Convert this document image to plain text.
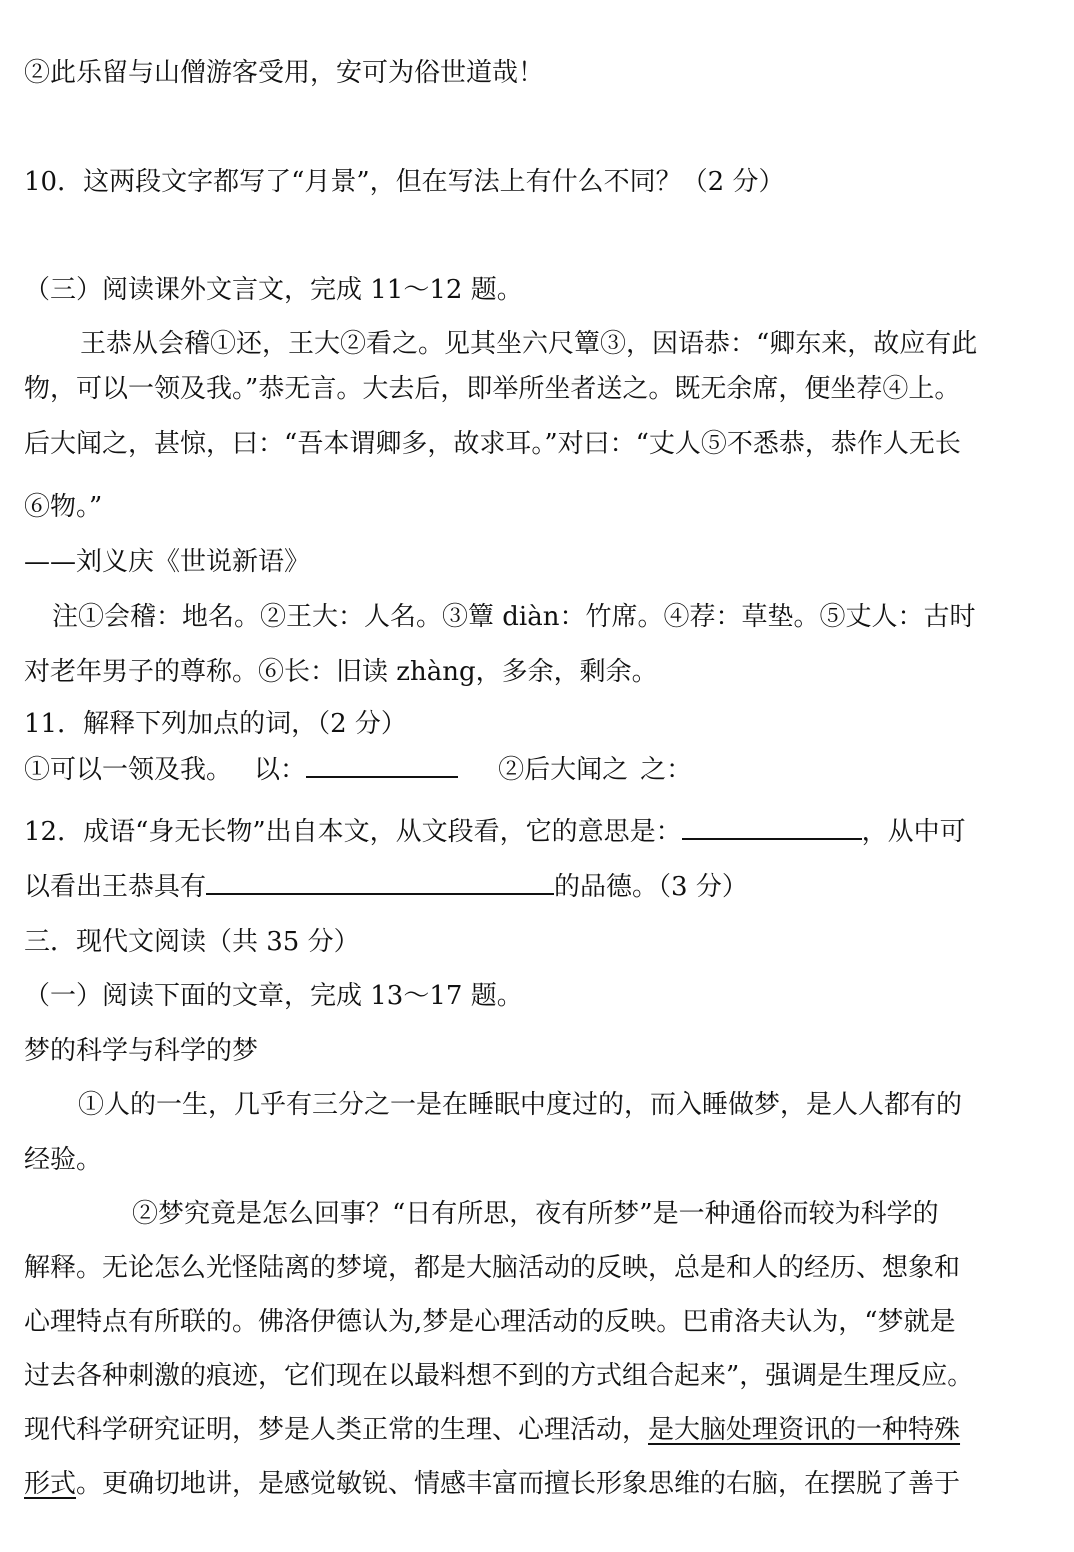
②此乐留与山僧游客受用，安可为俗世道哉！
10．这两段文字都写了“月景”，但在写法上有什么不同？（2 分）
（三）阅读课外文言文，完成 11～12 题。
王恭从会稽①还，王大②看之。见其坐六尺簟③，因语恭：“卿东来，故应有此
物，可以一领及我。”恭无言。大去后，即举所坐者送之。既无余席，便坐荐④上。
后大闻之，甚惊，曰：“吾本谓卿多，故求耳。”对曰：“丈人⑤不悉恭，恭作人无长
⑥物。”
——刘义庆《世说新语》
注①会稽：地名。②王大：人名。③簟 diàn：竹席。④荐：草垫。⑤丈人：古时
对老年男子的尊称。⑥长：旧读 zhàng，多余，剩余。
11．解释下列加点的词，（2 分）
①可以一领及我。 以：	②后大闻之 之：
12．成语“身无长物”出自本文，从文段看，它的意思是：	，从中可
以看出王恭具有	的品德。（3 分）
三．现代文阅读（共 35 分）
（一）阅读下面的文章，完成 13～17 题。
梦的科学与科学的梦
①人的一生，几乎有三分之一是在睡眠中度过的，而入睡做梦，是人人都有的
经验。
②梦究竟是怎么回事？“日有所思，夜有所梦”是一种通俗而较为科学的
解释。无论怎么光怪陆离的梦境，都是大脑活动的反映，总是和人的经历、想象和
心理特点有所联的。佛洛伊德认为,梦是心理活动的反映。巴甫洛夫认为，“梦就是
过去各种刺激的痕迹，它们现在以最料想不到的方式组合起来”，强调是生理反应。
现代科学研究证明，梦是人类正常的生理、心理活动，是大脑处理资讯的一种特殊
形式。更确切地讲，是感觉敏锐、情感丰富而擅长形象思维的右脑，在摆脱了善于
